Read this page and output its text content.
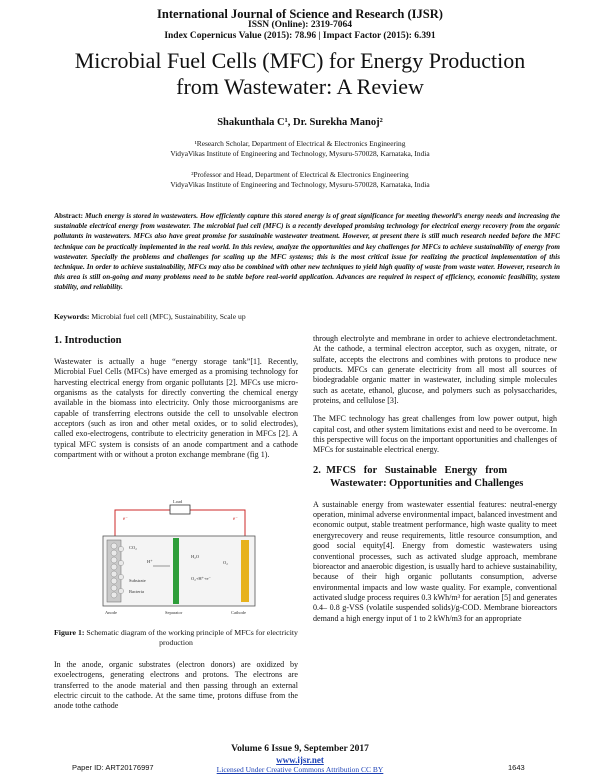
International Journal of Science and Research (IJSR)
ISSN (Online): 2319-7064
Index Copernicus Value (2015): 78.96 | Impact Factor (2015): 6.391
Microbial Fuel Cells (MFC) for Energy Production
from Wastewater: A Review
Shakunthala C¹, Dr. Surekha Manoj²
¹Research Scholar, Department of Electrical & Electronics Engineering
VidyaVikas Institute of Engineering and Technology, Mysuru-570028, Karnataka, India
²Professor and Head, Department of Electrical & Electronics Engineering
VidyaVikas Institute of Engineering and Technology, Mysuru-570028, Karnataka, India
Abstract: Much energy is stored in wastewaters. How efficiently capture this stored energy is of great significance for meeting theworld’s energy needs and increasing the sustainable electrical energy from wastewater. The microbial fuel cell (MFC) is a recently developed promising technology for electrical energy recovery from the organic pollutants in wastewaters. MFCs also have great promise for sustainable wastewater treatment. However, at present there is still much research needed before the MFC technique can be practically implemented in the real world. In this review, analyze the opportunities and key challenges for MFCs to achieve sustainability of energy from wastewater. Specially the problems and challenges for scaling up the MFC systems; this is the most critical issue for realizing the practical implementation of this technique. In order to achieve sustainability, MFCs may also be combined with other new techniques to yield high quality of waste from waste water. However, research in this area is still on-going and many problems need to be stable before real-world application. Advances are required in respect of efficiency, economic feasibility, system stability, and reliability.
Keywords: Microbial fuel cell (MFC), Sustainability, Scale up
1. Introduction

Wastewater is actually a huge “energy storage tank”[1]. Recently, Microbial Fuel Cells (MFCs) have emerged as a promising technology for harvesting electrical energy from organic pollutants [2]. MFCs use micro-organisms as the catalysts for directly converting the chemical energy available in the biomass into electricity. Only those microorganisms are capable of transferring electrons outside the cell to unsolvable electron acceptors (such as iron and other metal oxides, or to solid electrodes), called exo-electrogens, contribute to electricity generation in MFCs [2]. A typical MFC system is consists of an anode compartment and a cathode compartment with or without a proton exchange membrane (fig 1).

Load
e⁻	e⁻
CO₂
H⁺
Substrate
Bacteria
H₂O
O₂
O₂+H⁺+e⁻
Anode	Separator	Cathode
Figure 1: Schematic diagram of the working principle of MFCs for electricity production

In the anode, organic substrates (electron donors) are oxidized by exoelectrogens, generating electrons and protons. The electrons are transferred to the anode material and then passing through an external electric circuit to the cathode. At the same time, protons diffuse from the anode tothe cathode

through electrolyte and membrane in order to achieve electrondetachment. At the cathode, a terminal electron acceptor, such as oxygen, nitrate, or sulfate, accepts the electrons and combines with protons to produce new products. MFCs can generate electricity from all most all sources of biodegradable organic matter in wastewater, including simple molecules such as acetate, ethanol, glucose, and polymers such as polysaccharides, proteins, and cellulose [3].

The MFC technology has great challenges from low power output, high capital cost, and other system limitations exist and need to be overcome. In this perspective will focus on the important opportunities and challenges of MFCs for sustainable electrical energy.

2.  MFCS   for   Sustainable   Energy   from
Wastewater: Opportunities and Challenges

A sustainable energy from wastewater essential features: neutral-energy operation, minimal adverse environmental impact, balanced investment and economic output, stable treatment performance, high waste quality to meet energyrecovery and reuse requirements, little resource consumption, and good social equity[4]. Energy from domestic wastewaters using conventional processes, such as activated sludge approach, membrane bioreactor and anaerobic digestion, is usually hard to achieve sustainability, because of their high organic pollutants consumption, adverse environmental impacts and low waste quality. For example, conventional activated sludge process requires 0.3 kWh/m³ for aeration [5] and generates 0.4– 0.8 g-VSS (volatile suspended solids)/g-COD. Membrane bioreactors demand a high energy input of 1 to 2 kWh/m3 for an appropriate

Volume 6 Issue 9, September 2017
www.ijsr.net
Licensed Under Creative Commons Attribution CC BY
Paper ID: ART20176997	1643
